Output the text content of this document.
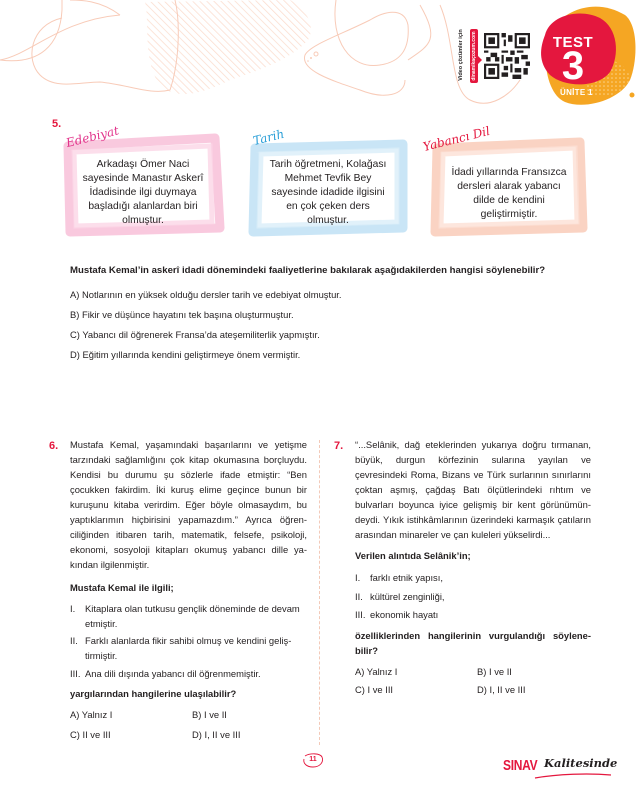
Video çözümler için dinamikaçozum.com	TEST
3
ÜNİTE 1
5. Edebiyat
Arkadaşı Ömer Naci sayesinde Manastır Askerî İdadisinde ilgi duymaya başladığı alanlardan biri olmuştur.
Tarih
Tarih öğretmeni, Kolağası Mehmet Tevfik Bey sayesinde idadide ilgisini en çok çeken ders olmuştur.
Yabancı Dil
İdadi yıllarında Fransızca dersleri alarak yabancı dilde de kendini geliştirmiştir.
Mustafa Kemal’in askerî idadi dönemindeki faaliyetlerine bakılarak aşağıdakilerden hangisi söylenebilir?
A) Notlarının en yüksek olduğu dersler tarih ve edebiyat olmuştur.
B) Fikir ve düşünce hayatını tek başına oluşturmuştur.
C) Yabancı dil öğrenerek Fransa’da ateşemiliterlik yapmıştır.
D) Eğitim yıllarında kendini geliştirmeye önem vermiştir.
6. Mustafa Kemal, yaşamındaki başarılarını ve yetişme tarzındaki sağlamlığını çok kitap okumasına borçluydu. Kendisi bu durumu şu sözlerle ifade etmiştir: “Ben çocukken fakirdim. İki kuruş elime geçince bunun bir kuruşunu kitaba verirdim. Eğer böyle olmasaydım, bu yaptıklarımın hiçbirisini yapamazdım.” Ayrıca öğrenciliğinden itibaren tarih, matematik, felsefe, psikoloji, ekonomi, sosyoloji kitapları okumuş yabancı dille yakından ilgilenmiştir.
Mustafa Kemal ile ilgili;
I.	Kitaplara olan tutkusu gençlik döneminde de devam etmiştir.
II. Farklı alanlarda fikir sahibi olmuş ve kendini geliştirmiştir.
III. Ana dili dışında yabancı dil öğrenmemiştir.
yargılarından hangilerine ulaşılabilir?
A) Yalnız I	B) I ve II
C) II ve III	D) I, II ve III
7. “...Selânik, dağ eteklerinden yukarıya doğru tırmanan, büyük, durgun körfezinin sularına yayılan ve çevresindeki Roma, Bizans ve Türk surlarının sınırlarını çoktan aşmış, çağdaş Batı ölçütlerindeki rıhtım ve bulvarları boyunca iyice gelişmiş bir kent görünümündeydi. Yıkık istihkâmlarının üzerindeki karmaşık çatıların arasından minareler ve çan kuleleri yükselirdi...
Verilen alıntıda Selânik’in;
I.	farklı etnik yapısı,
II. kültürel zenginliği,
III. ekonomik hayatı
özelliklerinden hangilerinin vurgulandığı söylenebilir?
A) Yalnız I	B) I ve II
C) I ve III	D) I, II ve III
11	SINAV Kalitesinde
